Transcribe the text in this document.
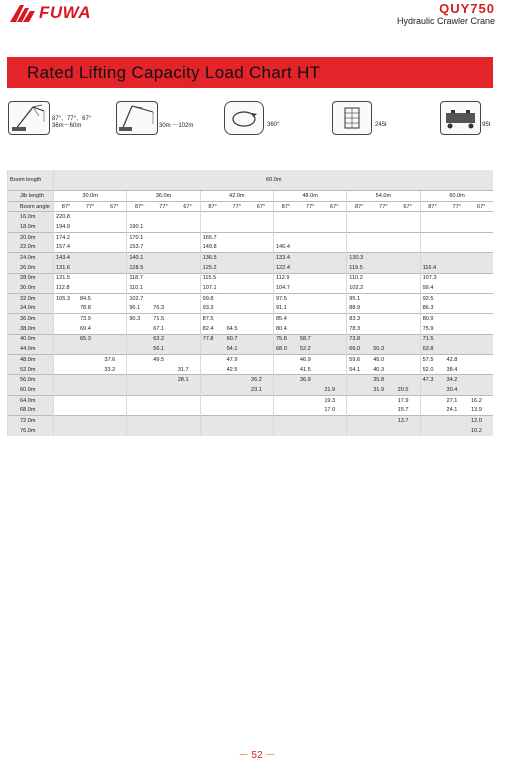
FUWA	QUY750
Hydraulic Crawler Crane
Rated Lifting Capacity Load Chart HT
87°、77°、67°
36m～60m	30m ～102m	360°	245t	95t
Boom length	60.0m																	
Jib length	30.0m			36.0m			42.0m			48.0m			54.0m			60.0m		
Boom angle	87°	77°	67°	87°	77°	67°	87°	77°	67°	87°	77°	67°	87°	77°	67°	87°	77°	67°
16.0m	220.8																	
18.0m	194.9			190.1														
20.0m	174.2			170.1			165.7											
22.0m	157.4			153.7			149.8			146.4								
24.0m	143.4			140.1			136.5			133.4			130.3					
26.0m	131.6			128.5			125.2			122.4			119.5			116.4		
28.0m	121.5			118.7			115.5			112.9			110.2			107.3		
30.0m	112.8			110.1			107.1			104.7			102.2			99.4		
32.0m	105.3	84.5		102.7			99.8			97.5			95.1			92.5		
34.0m		78.8		96.1	76.3		93.3			91.1			88.9			86.3		
36.0m		73.9		90.3	71.5		87.5			85.4			83.3			80.9		
38.0m		69.4			67.1		82.4	64.5		80.4			78.3			75.9		
40.0m		65.3			63.2		77.8	60.7		75.8	58.7		73.8			71.5		
44.0m					56.1			54.1		68.0	52.2		66.0	50.3		63.8		
48.0m			37.6		49.5			47.9			46.9		59.6	45.0		57.5	42.8	
52.0m			33.2			31.7		42.5			41.5		54.1	40.3		52.0	38.4	
56.0m						28.1			26.2		36.9			35.8		47.3	34.2	
60.0m									23.1			21.9		31.9	20.5		30.4	
64.0m												19.3			17.9		27.1	16.2
68.0m												17.0			15.7		24.1	13.9
72.0m															13.7			12.0
76.0m																		10.2
－ 52 －
